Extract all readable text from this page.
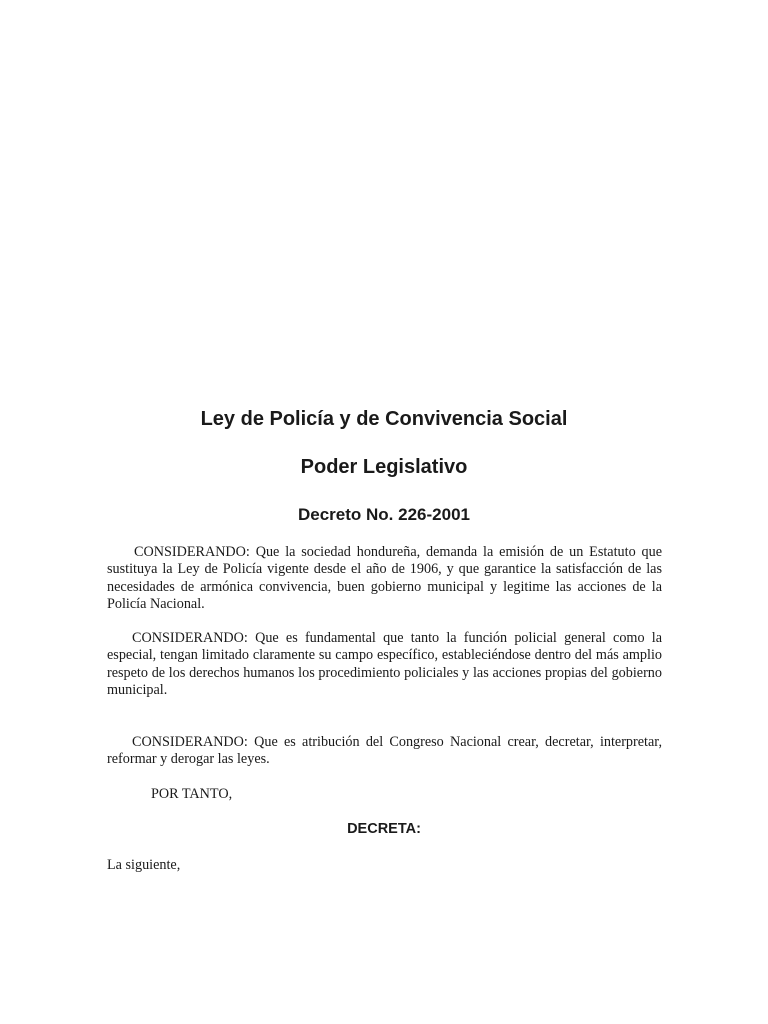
Ley de Policía y de Convivencia Social
Poder Legislativo
Decreto No. 226-2001

CONSIDERANDO: Que la sociedad hondureña, demanda la emisión de un Estatuto que sustituya la Ley de Policía vigente desde el año de 1906, y que garantice la satisfacción de las necesidades de armónica convivencia, buen gobierno municipal y legitime las acciones de la Policía Nacional.

CONSIDERANDO: Que es fundamental que tanto la función policial general como la especial, tengan limitado claramente su campo específico, estableciéndose dentro del más amplio respeto de los derechos humanos los procedimiento policiales y las acciones propias del gobierno municipal.

CONSIDERANDO: Que es atribución del Congreso Nacional crear, decretar, interpretar, reformar y derogar las leyes.

POR TANTO,

DECRETA:

La siguiente,
